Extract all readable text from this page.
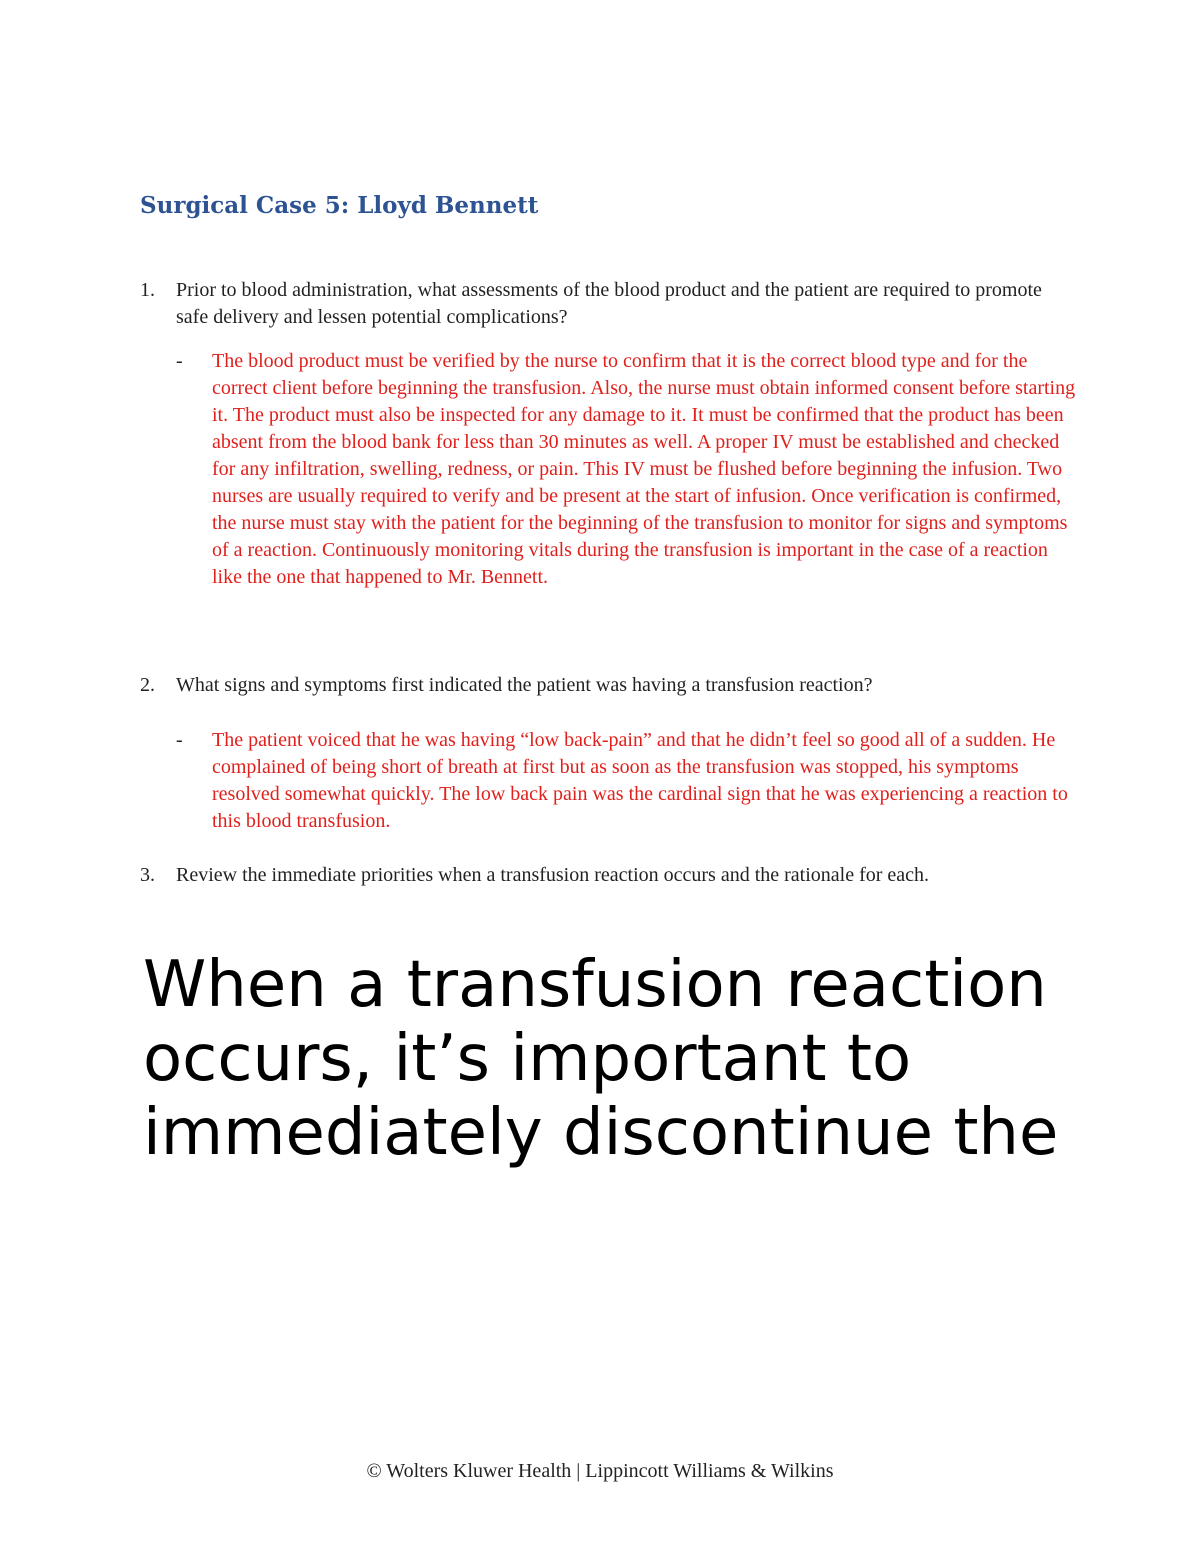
Surgical Case 5: Lloyd Bennett
1. Prior to blood administration, what assessments of the blood product and the patient are required to promote safe delivery and lessen potential complications?
- The blood product must be verified by the nurse to confirm that it is the correct blood type and for the correct client before beginning the transfusion. Also, the nurse must obtain informed consent before starting it. The product must also be inspected for any damage to it. It must be confirmed that the product has been absent from the blood bank for less than 30 minutes as well. A proper IV must be established and checked for any infiltration, swelling, redness, or pain. This IV must be flushed before beginning the infusion. Two nurses are usually required to verify and be present at the start of infusion. Once verification is confirmed, the nurse must stay with the patient for the beginning of the transfusion to monitor for signs and symptoms of a reaction. Continuously monitoring vitals during the transfusion is important in the case of a reaction like the one that happened to Mr. Bennett.
2. What signs and symptoms first indicated the patient was having a transfusion reaction?
- The patient voiced that he was having “low back-pain” and that he didn’t feel so good all of a sudden. He complained of being short of breath at first but as soon as the transfusion was stopped, his symptoms resolved somewhat quickly. The low back pain was the cardinal sign that he was experiencing a reaction to this blood transfusion.
3. Review the immediate priorities when a transfusion reaction occurs and the rationale for each.

When a transfusion reaction occurs, it’s important to immediately discontinue the

© Wolters Kluwer Health | Lippincott Williams & Wilkins
